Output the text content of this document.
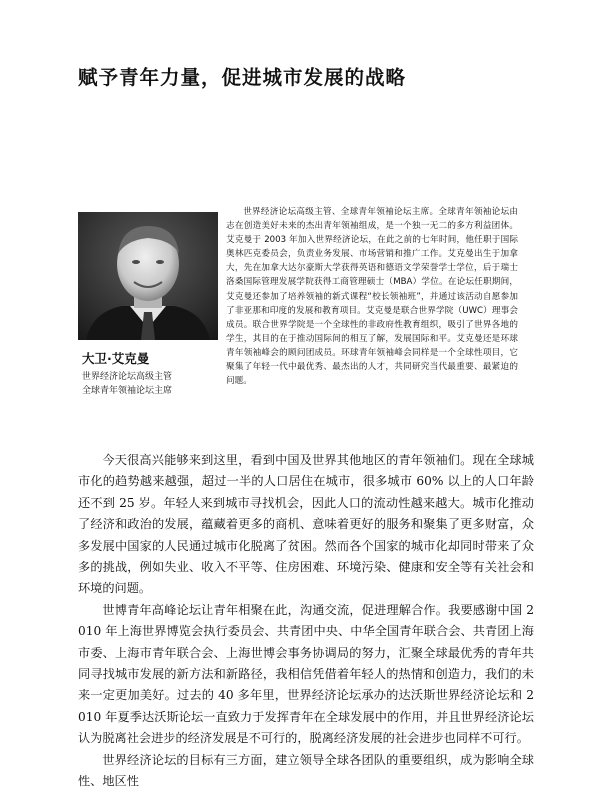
赋予青年力量，促进城市发展的战略
大卫·艾克曼
世界经济论坛高级主管
全球青年领袖论坛主席

世界经济论坛高级主管、全球青年领袖论坛主席。全球青年领袖论坛由志在创造美好未来的杰出青年领袖组成，是一个独一无二的多方利益团体。艾克曼于 2003 年加入世界经济论坛，在此之前的七年时间，他任职于国际奥林匹克委员会，负责业务发展、市场营销和推广工作。艾克曼出生于加拿大，先在加拿大达尔豪斯大学获得英语和德语文学荣誉学士学位，后于瑞士洛桑国际管理发展学院获得工商管理硕士（MBA）学位。在论坛任职期间，艾克曼还参加了培养领袖的新式课程“校长领袖班”，并通过该活动自愿参加了非亚那和印度的发展和教育项目。艾克曼是联合世界学院（UWC）理事会成员。联合世界学院是一个全球性的非政府性教育组织，吸引了世界各地的学生，其目的在于推动国际间的相互了解，发展国际和平。艾克曼还是环球青年领袖峰会的顾问团成员。环球青年领袖峰会同样是一个全球性项目，它聚集了年轻一代中最优秀、最杰出的人才，共同研究当代最重要、最紧迫的问题。

今天很高兴能够来到这里，看到中国及世界其他地区的青年领袖们。现在全球城市化的趋势越来越强，超过一半的人口居住在城市，很多城市 60% 以上的人口年龄还不到 25 岁。年轻人来到城市寻找机会，因此人口的流动性越来越大。城市化推动了经济和政治的发展，蕴藏着更多的商机、意味着更好的服务和聚集了更多财富，众多发展中国家的人民通过城市化脱离了贫困。然而各个国家的城市化却同时带来了众多的挑战，例如失业、收入不平等、住房困难、环境污染、健康和安全等有关社会和环境的问题。

世博青年高峰论坛让青年相聚在此，沟通交流，促进理解合作。我要感谢中国 2010 年上海世界博览会执行委员会、共青团中央、中华全国青年联合会、共青团上海市委、上海市青年联合会、上海世博会事务协调局的努力，汇聚全球最优秀的青年共同寻找城市发展的新方法和新路径，我相信凭借着年轻人的热情和创造力，我们的未来一定更加美好。过去的 40 多年里，世界经济论坛承办的达沃斯世界经济论坛和 2010 年夏季达沃斯论坛一直致力于发挥青年在全球发展中的作用，并且世界经济论坛认为脱离社会进步的经济发展是不可行的，脱离经济发展的社会进步也同样不可行。

世界经济论坛的目标有三方面，建立领导全球各团队的重要组织，成为影响全球性、地区性
